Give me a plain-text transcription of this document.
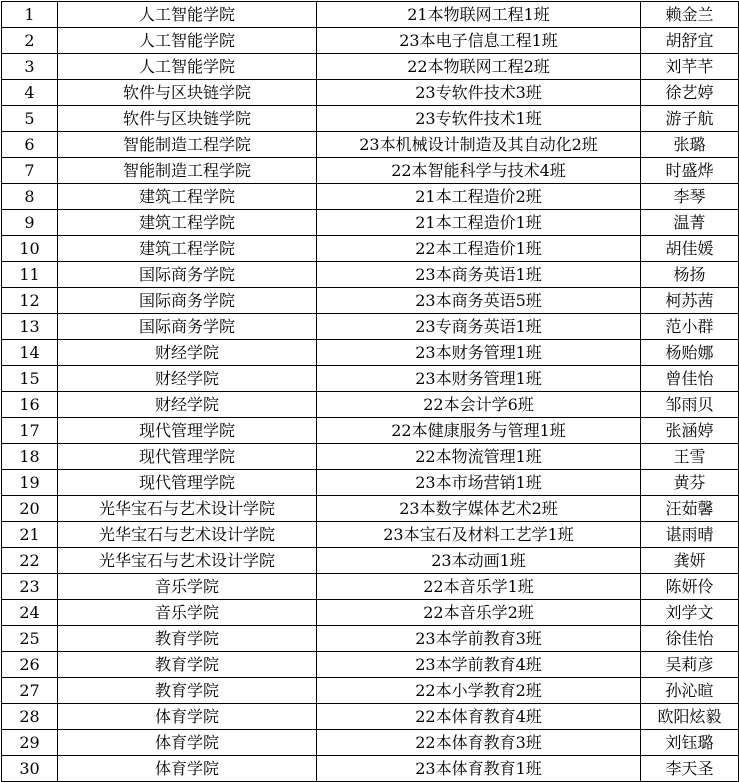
1	人工智能学院	21本物联网工程1班	赖金兰
2	人工智能学院	23本电子信息工程1班	胡舒宜
3	人工智能学院	22本物联网工程2班	刘芊芊
4	软件与区块链学院	23专软件技术3班	徐艺婷
5	软件与区块链学院	23专软件技术1班	游子航
6	智能制造工程学院	23本机械设计制造及其自动化2班	张璐
7	智能制造工程学院	22本智能科学与技术4班	时盛烨
8	建筑工程学院	21本工程造价2班	李琴
9	建筑工程学院	21本工程造价1班	温菁
10	建筑工程学院	22本工程造价1班	胡佳媛
11	国际商务学院	23本商务英语1班	杨扬
12	国际商务学院	23本商务英语5班	柯苏茜
13	国际商务学院	23专商务英语1班	范小群
14	财经学院	23本财务管理1班	杨贻娜
15	财经学院	23本财务管理1班	曾佳怡
16	财经学院	22本会计学6班	邹雨贝
17	现代管理学院	22本健康服务与管理1班	张涵婷
18	现代管理学院	22本物流管理1班	王雪
19	现代管理学院	23本市场营销1班	黄芬
20	光华宝石与艺术设计学院	23本数字媒体艺术2班	汪茹馨
21	光华宝石与艺术设计学院	23本宝石及材料工艺学1班	谌雨晴
22	光华宝石与艺术设计学院	23本动画1班	龚妍
23	音乐学院	22本音乐学1班	陈妍伶
24	音乐学院	22本音乐学2班	刘学文
25	教育学院	23本学前教育3班	徐佳怡
26	教育学院	23本学前教育4班	吴莉彦
27	教育学院	22本小学教育2班	孙沁暄
28	体育学院	22本体育教育4班	欧阳炫毅
29	体育学院	22本体育教育3班	刘钰璐
30	体育学院	23本体育教育1班	李天圣
